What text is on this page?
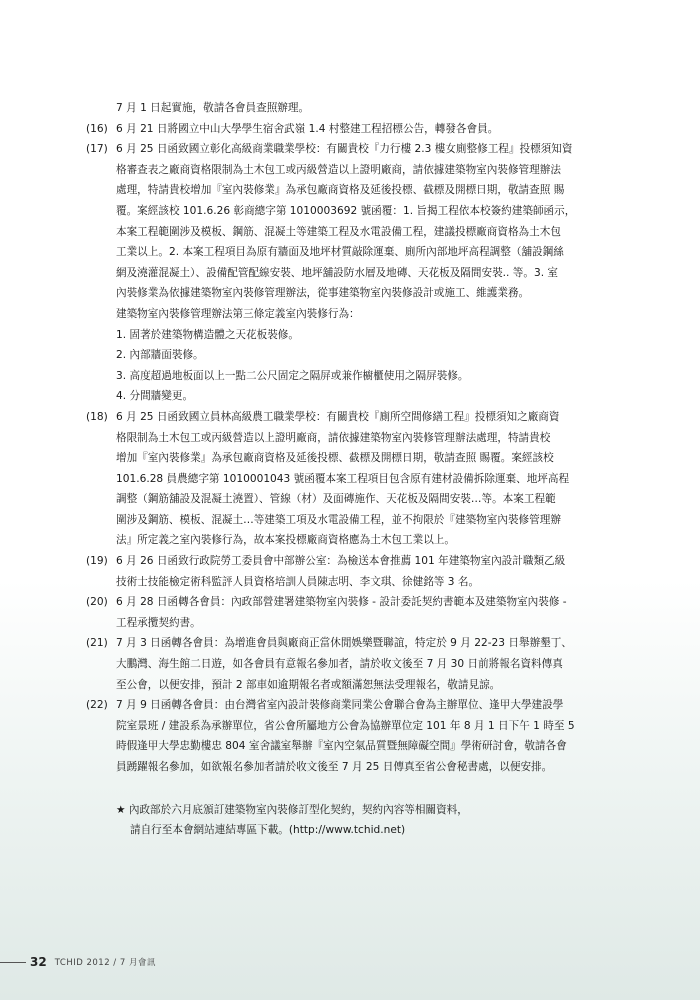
7 月 1 日起實施，敬請各會員查照辦理。
(16) 6 月 21 日將國立中山大學學生宿舍武嶺 1.4 村整建工程招標公告，轉發各會員。
(17) 6 月 25 日函致國立彰化高級商業職業學校：有關貴校『力行樓 2.3 樓女廁整修工程』投標須知資
格審查表之廠商資格限制為土木包工或丙級營造以上證明廠商，請依據建築物室內裝修管理辦法
處理，特請貴校增加『室內裝修業』為承包廠商資格及延後投標、截標及開標日期，敬請查照 賜
覆。案經該校 101.6.26 彰商總字第 1010003692 號函覆：1. 旨揭工程依本校簽約建築師函示，
本案工程範圍涉及模板、鋼筋、混凝土等建築工程及水電設備工程，建議投標廠商資格為土木包
工業以上。2. 本案工程項目為原有牆面及地坪材質敲除運棄、廁所內部地坪高程調整（舖設鋼絲
網及澆灌混凝土）、設備配管配線安裝、地坪舖設防水層及地磚、天花板及隔間安裝.. 等。3. 室
內裝修業為依據建築物室內裝修管理辦法，從事建築物室內裝修設計或施工、維護業務。
建築物室內裝修管理辦法第三條定義室內裝修行為：
1. 固著於建築物構造體之天花板裝修。
2. 內部牆面裝修。
3. 高度超過地板面以上一點二公尺固定之隔屏或兼作櫥櫃使用之隔屏裝修。
4. 分間牆變更。
(18) 6 月 25 日函致國立員林高級農工職業學校：有關貴校『廁所空間修繕工程』投標須知之廠商資
格限制為土木包工或丙級營造以上證明廠商，請依據建築物室內裝修管理辦法處理，特請貴校
增加『室內裝修業』為承包廠商資格及延後投標、截標及開標日期，敬請查照 賜覆。案經該校
101.6.28 員農總字第 1010001043 號函覆本案工程項目包含原有建材設備拆除運棄、地坪高程
調整（鋼筋舖設及混凝土澆置）、管線（材）及面磚施作、天花板及隔間安裝…等。本案工程範
圍涉及鋼筋、模板、混凝土…等建築工項及水電設備工程，並不拘限於『建築物室內裝修管理辦
法』所定義之室內裝修行為，故本案投標廠商資格應為土木包工業以上。
(19) 6 月 26 日函致行政院勞工委員會中部辦公室：為檢送本會推薦 101 年建築物室內設計職類乙級
技術士技能檢定術科監評人員資格培訓人員陳志明、李文琪、徐健銘等 3 名。
(20) 6 月 28 日函轉各會員：內政部營建署建築物室內裝修 - 設計委託契約書範本及建築物室內裝修 -
工程承攬契約書。
(21) 7 月 3 日函轉各會員：為增進會員與廠商正當休閒娛樂暨聯誼，特定於 9 月 22-23 日舉辦墾丁、
大鵬灣、海生館二日遊，如各會員有意報名參加者，請於收文後至 7 月 30 日前將報名資料傳真
至公會，以便安排，預計 2 部車如逾期報名者或額滿恕無法受理報名，敬請見諒。
(22) 7 月 9 日函轉各會員：由台灣省室內設計裝修商業同業公會聯合會為主辦單位、逢甲大學建設學
院室景班 / 建設系為承辦單位，省公會所屬地方公會為協辦單位定 101 年 8 月 1 日下午 1 時至 5
時假逢甲大學忠勤樓忠 804 室舍議室舉辦『室內空氣品質暨無障礙空間』學術研討會，敬請各會
員踴躍報名參加，如欲報名參加者請於收文後至 7 月 25 日傳真至省公會秘書處，以便安排。
★ 內政部於六月底頒訂建築物室內裝修訂型化契約，契約內容等相關資料，
請自行至本會網站連結專區下載。(http://www.tchid.net)
32 TCHID 2012 / 7 月會訊
